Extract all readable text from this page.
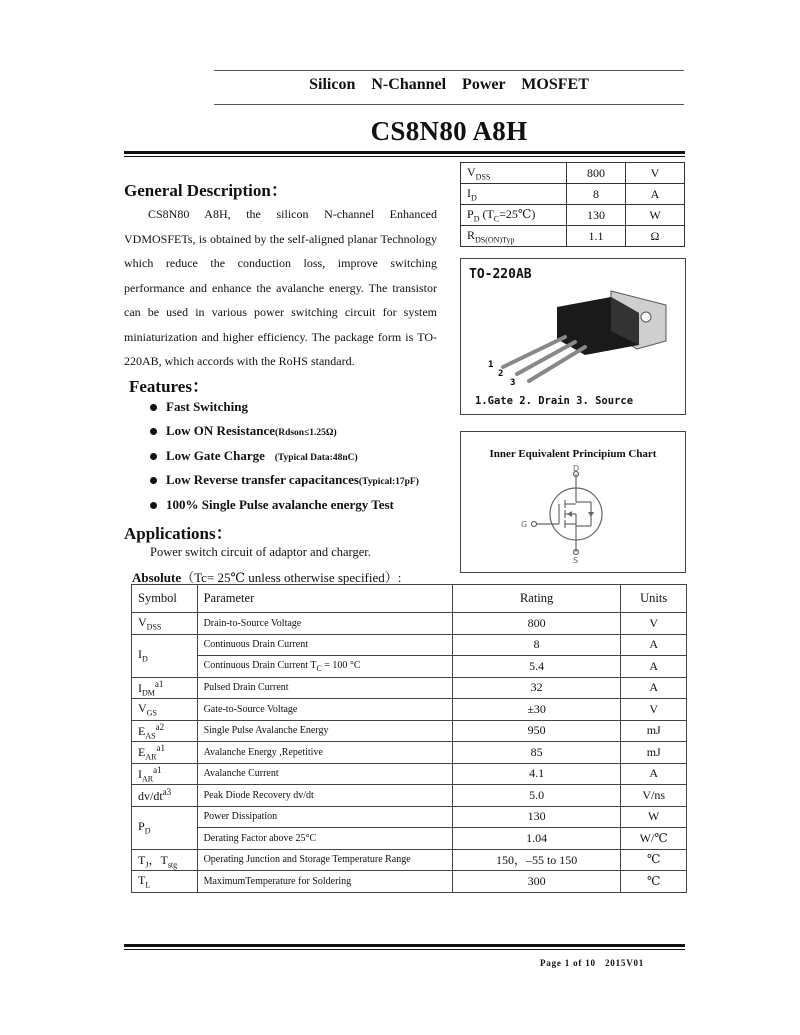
Silicon N-Channel Power MOSFET
CS8N80 A8H
General Description：

CS8N80 A8H, the silicon N-channel Enhanced VDMOSFETs, is obtained by the self-aligned planar Technology which reduce the conduction loss, improve switching performance and enhance the avalanche energy. The transistor can be used in various power switching circuit for system miniaturization and higher efficiency. The package form is TO-220AB, which accords with the RoHS standard.

$V_{DSS}$	800	V
$I_D$	8	A
$P_D$ $(T_C=25℃)$	130	W
$R_{DS(ON)Typ}$	1.1	Ω
TO-220AB
1
2
3
1.Gate 2. Drain 3. Source
Inner Equivalent Principium Chart
D
G
S
Features：
Fast Switching
Low ON Resistance(Rdson≤1.25Ω)
Low Gate Charge (Typical Data:48nC)
Low Reverse transfer capacitances(Typical:17pF)
100% Single Pulse avalanche energy Test
Applications：
Power switch circuit of adaptor and charger.
Absolute（Tc= 25℃ unless otherwise specified）:
Symbol	Parameter	Rating	Units
$V_{DSS}$	Drain-to-Source Voltage	800	V
$I_D$	Continuous Drain Current	8	A
	Continuous Drain Current $T_C = 100$ °C	5.4	A
$I_{DM}^{a1}$	Pulsed Drain Current	32	A
$V_{GS}$	Gate-to-Source Voltage	±30	V
$E_{AS}^{a2}$	Single Pulse Avalanche Energy	950	mJ
$E_{AR}^{a1}$	Avalanche Energy ,Repetitive	85	mJ
$I_{AR}^{a1}$	Avalanche Current	4.1	A
$dv/dt^{a3}$	Peak Diode Recovery dv/dt	5.0	V/ns
$P_D$	Power Dissipation	130	W
	Derating Factor above 25°C	1.04	W/℃
$T_J$，$T_{stg}$	Operating Junction and Storage Temperature Range	150，–55 to 150	℃
$T_L$	MaximumTemperature for Soldering	300	℃
Page 1 of 10   2015V01
